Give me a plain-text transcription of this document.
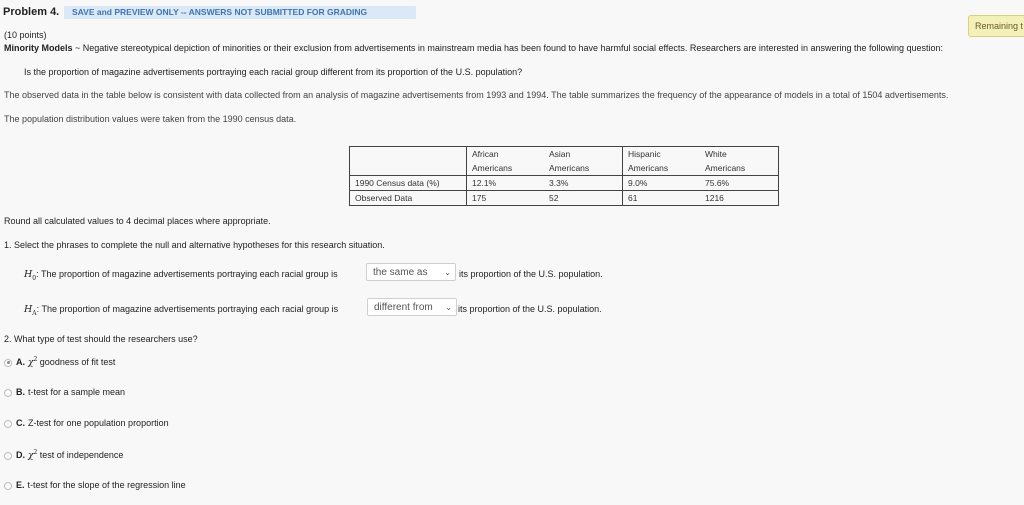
Problem 4.	SAVE and PREVIEW ONLY -- ANSWERS NOT SUBMITTED FOR GRADING
Remaining t
(10 points)
Minority Models ~ Negative stereotypical depiction of minorities or their exclusion from advertisements in mainstream media has been found to have harmful social effects. Researchers are interested in answering the following question:
Is the proportion of magazine advertisements portraying each racial group different from its proportion of the U.S. population?
The observed data in the table below is consistent with data collected from an analysis of magazine advertisements from 1993 and 1994. The table summarizes the frequency of the appearance of models in a total of 1504 advertisements.
The population distribution values were taken from the 1990 census data.
	African	Asian	Hispanic	White
	Americans	Americans	Americans	Americans
1990 Census data (%)	12.1%	3.3%	9.0%	75.6%
Observed Data	175	52	61	1216
Round all calculated values to 4 decimal places where appropriate.
1. Select the phrases to complete the null and alternative hypotheses for this research situation.
$H_0$: The proportion of magazine advertisements portraying each racial group is	the same as ⌄ its proportion of the U.S. population.
$H_A$: The proportion of magazine advertisements portraying each racial group is	different from ⌄ its proportion of the U.S. population.
2. What type of test should the researchers use?
A. $\chi^2$ goodness of fit test
B. t-test for a sample mean
C. Z-test for one population proportion
D. $\chi^2$ test of independence
E. t-test for the slope of the regression line
